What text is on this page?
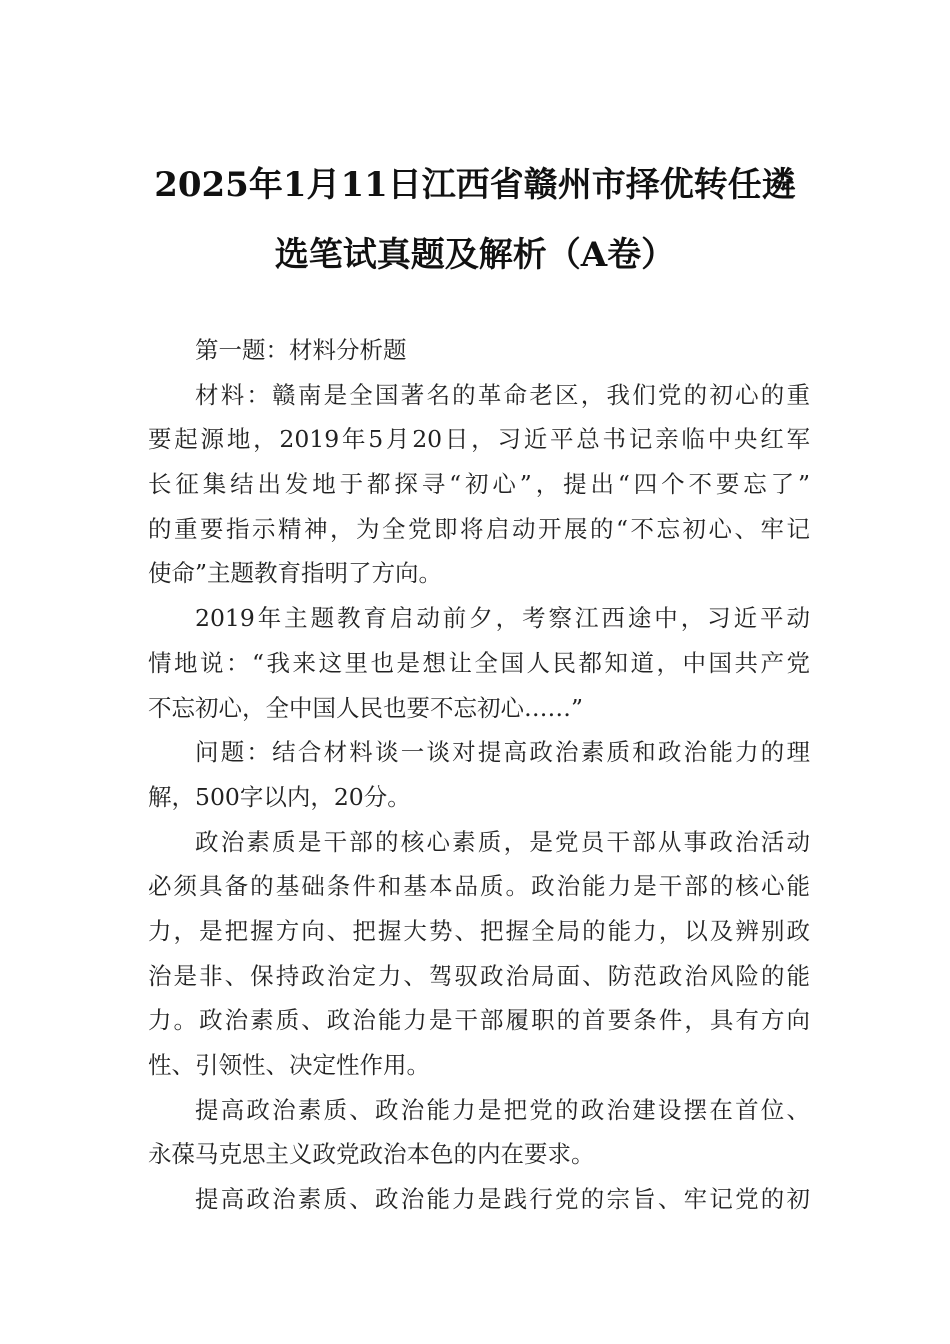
2025年1月11日江西省赣州市择优转任遴
选笔试真题及解析（A卷）
第一题：材料分析题
材料：赣南是全国著名的革命老区，我们党的初心的重
要起源地，2019年5月20日，习近平总书记亲临中央红军
长征集结出发地于都探寻“初心”，提出“四个不要忘了”
的重要指示精神，为全党即将启动开展的“不忘初心、牢记
使命”主题教育指明了方向。
2019年主题教育启动前夕，考察江西途中，习近平动
情地说：“我来这里也是想让全国人民都知道，中国共产党
不忘初心，全中国人民也要不忘初心……”
问题：结合材料谈一谈对提高政治素质和政治能力的理
解，500字以内，20分。
政治素质是干部的核心素质，是党员干部从事政治活动
必须具备的基础条件和基本品质。政治能力是干部的核心能
力，是把握方向、把握大势、把握全局的能力，以及辨别政
治是非、保持政治定力、驾驭政治局面、防范政治风险的能
力。政治素质、政治能力是干部履职的首要条件，具有方向
性、引领性、决定性作用。
提高政治素质、政治能力是把党的政治建设摆在首位、
永葆马克思主义政党政治本色的内在要求。
提高政治素质、政治能力是践行党的宗旨、牢记党的初
